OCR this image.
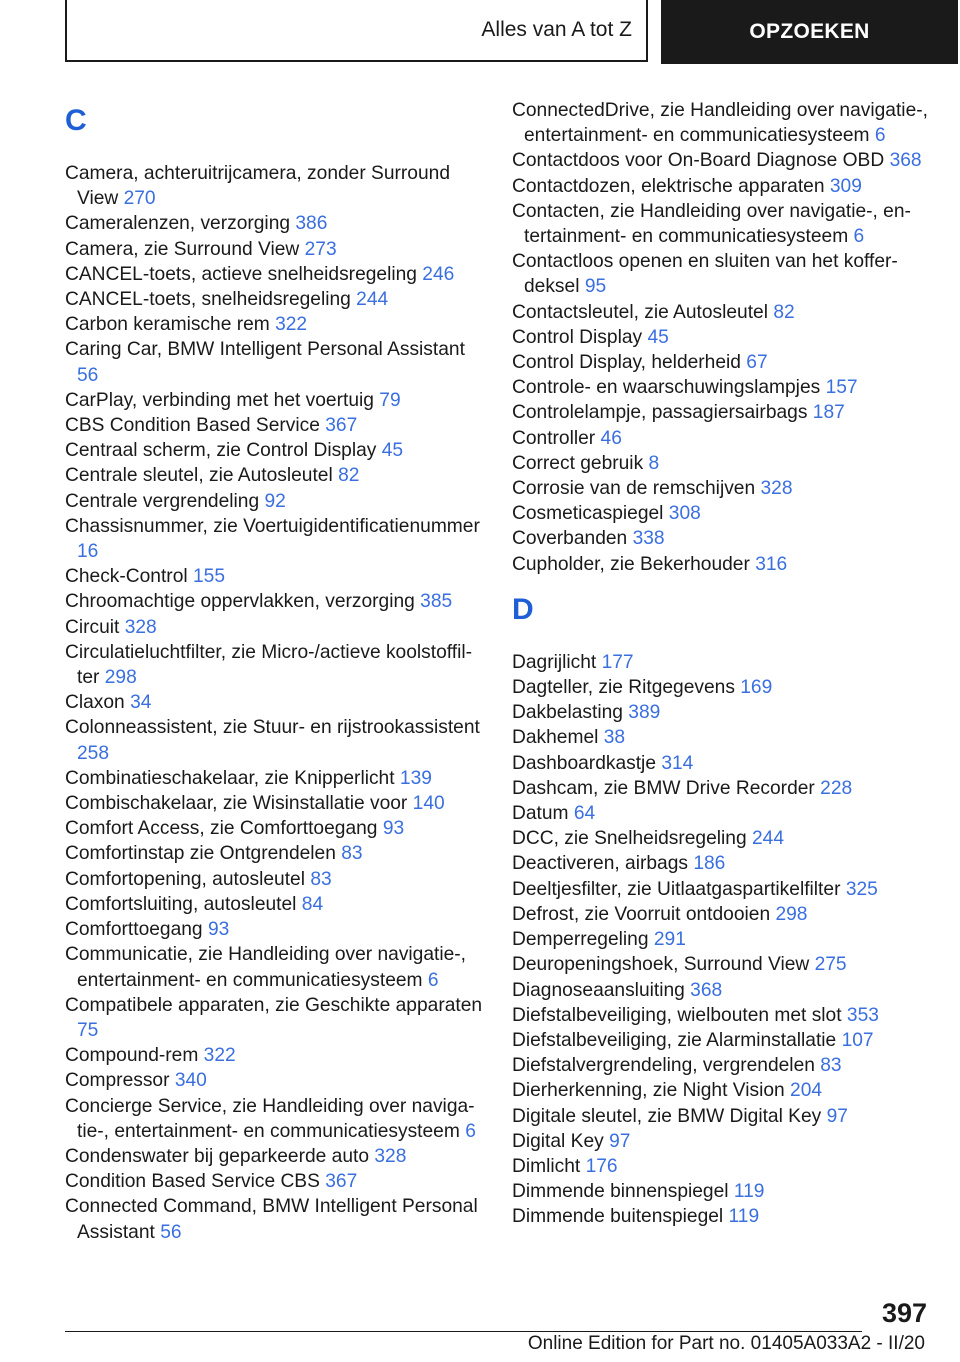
Alles van A tot Z	OPZOEKEN
C

Camera, achteruitrijcamera, zonder Surround View 270

Cameralenzen, verzorging 386

Camera, zie Surround View 273

CANCEL-toets, actieve snelheidsregeling 246

CANCEL-toets, snelheidsregeling 244

Carbon keramische rem 322

Caring Car, BMW Intelligent Personal Assistant 56

CarPlay, verbinding met het voertuig 79

CBS Condition Based Service 367

Centraal scherm, zie Control Display 45

Centrale sleutel, zie Autosleutel 82

Centrale vergrendeling 92

Chassisnummer, zie Voertuigidentificatienummer 16

Check-Control 155

Chroomachtige oppervlakken, verzorging 385

Circuit 328

Circulatieluchtfilter, zie Micro-/actieve koolstoffilter 298

Claxon 34

Colonneassistent, zie Stuur- en rijstrookassistent 258

Combinatieschakelaar, zie Knipperlicht 139

Combischakelaar, zie Wisinstallatie voor 140

Comfort Access, zie Comforttoegang 93

Comfortinstap zie Ontgrendelen 83

Comfortopening, autosleutel 83

Comfortsluiting, autosleutel 84

Comforttoegang 93

Communicatie, zie Handleiding over navigatie-, entertainment- en communicatiesysteem 6

Compatibele apparaten, zie Geschikte apparaten 75

Compound-rem 322

Compressor 340

Concierge Service, zie Handleiding over navigatie-, entertainment- en communicatiesysteem 6

Condenswater bij geparkeerde auto 328

Condition Based Service CBS 367

Connected Command, BMW Intelligent Personal Assistant 56

ConnectedDrive, zie Handleiding over navigatie-, entertainment- en communicatiesysteem 6

Contactdoos voor On-Board Diagnose OBD 368

Contactdozen, elektrische apparaten 309

Contacten, zie Handleiding over navigatie-, entertainment- en communicatiesysteem 6

Contactloos openen en sluiten van het kofferdeksel 95

Contactsleutel, zie Autosleutel 82

Control Display 45

Control Display, helderheid 67

Controle- en waarschuwingslampjes 157

Controlelampje, passagiersairbags 187

Controller 46

Correct gebruik 8

Corrosie van de remschijven 328

Cosmeticaspiegel 308

Coverbanden 338

Cupholder, zie Bekerhouder 316

D

Dagrijlicht 177

Dagteller, zie Ritgegevens 169

Dakbelasting 389

Dakhemel 38

Dashboardkastje 314

Dashcam, zie BMW Drive Recorder 228

Datum 64

DCC, zie Snelheidsregeling 244

Deactiveren, airbags 186

Deeltjesfilter, zie Uitlaatgaspartikelfilter 325

Defrost, zie Voorruit ontdooien 298

Demperregeling 291

Deuropeningshoek, Surround View 275

Diagnoseaansluiting 368

Diefstalbeveiliging, wielbouten met slot 353

Diefstalbeveiliging, zie Alarminstallatie 107

Diefstalvergrendeling, vergrendelen 83

Dierherkenning, zie Night Vision 204

Digitale sleutel, zie BMW Digital Key 97

Digital Key 97

Dimlicht 176

Dimmende binnenspiegel 119

Dimmende buitenspiegel 119

397
Online Edition for Part no. 01405A033A2 - II/20
